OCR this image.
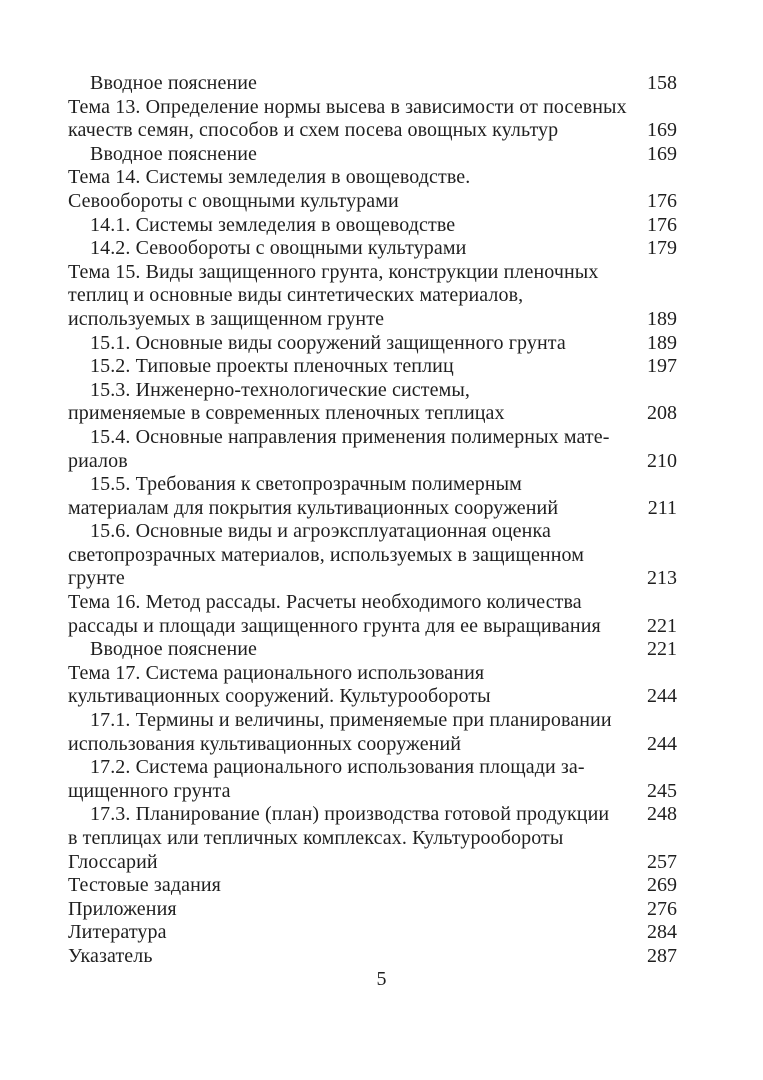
Вводное пояснение	158
Тема 13. Определение нормы высева в зависимости от посевных
качеств семян, способов и схем посева овощных культур	169
Вводное пояснение	169
Тема 14. Системы земледелия в овощеводстве.
Севообороты с овощными культурами	176
14.1. Системы земледелия в овощеводстве	176
14.2. Севообороты с овощными культурами	179
Тема 15. Виды защищенного грунта, конструкции пленочных
теплиц и основные виды синтетических материалов,
используемых в защищенном грунте	189
15.1. Основные виды сооружений защищенного грунта	189
15.2. Типовые проекты пленочных теплиц	197
15.3. Инженерно-технологические системы,
применяемые в современных пленочных теплицах	208
15.4. Основные направления применения полимерных мате-
риалов	210
15.5. Требования к светопрозрачным полимерным
материалам для покрытия культивационных сооружений	211
15.6. Основные виды и агроэксплуатационная оценка
светопрозрачных материалов, используемых в защищенном
грунте	213
Тема 16. Метод рассады. Расчеты необходимого количества
рассады и площади защищенного грунта для ее выращивания 221
Вводное пояснение	221
Тема 17. Система рационального использования
культивационных сооружений. Культурообороты	244
17.1. Термины и величины, применяемые при планировании
использования культивационных сооружений	244
17.2. Система рационального использования площади за-
щищенного грунта	245
17.3. Планирование (план) производства готовой продукции 248
в теплицах или тепличных комплексах. Культурообороты
Глоссарий	257
Тестовые задания	269
Приложения	276
Литература	284
Указатель	287
5
